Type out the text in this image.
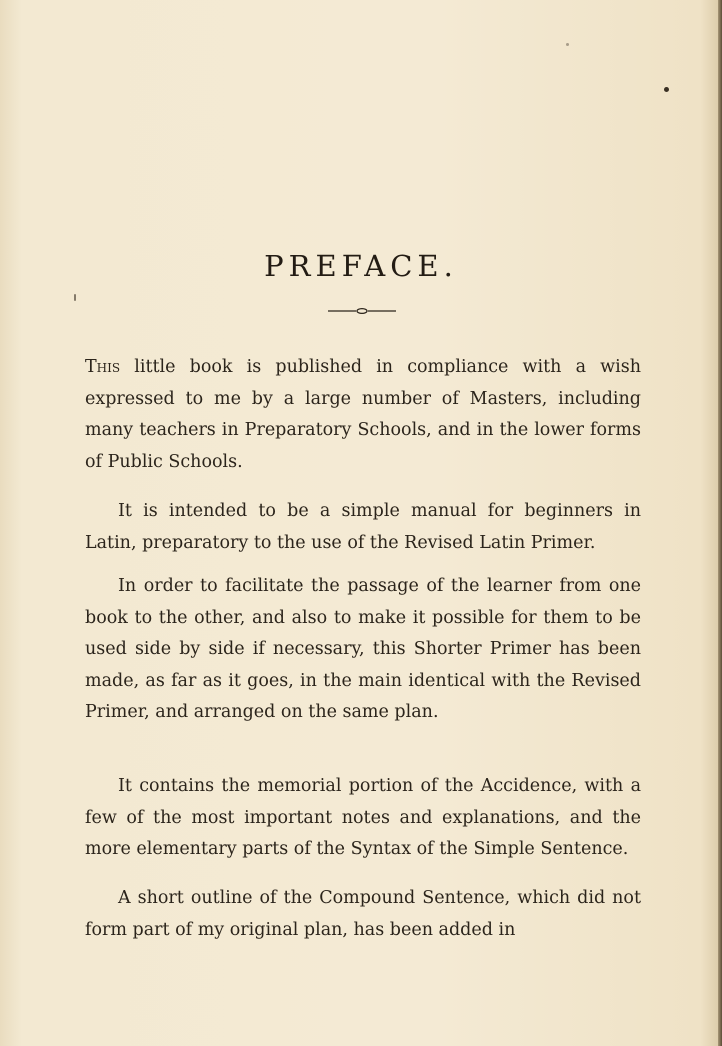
PREFACE.

This little book is published in compliance with a wish expressed to me by a large number of Masters, including many teachers in Preparatory Schools, and in the lower forms of Public Schools.

It is intended to be a simple manual for beginners in Latin, preparatory to the use of the Revised Latin Primer.

In order to facilitate the passage of the learner from one book to the other, and also to make it possible for them to be used side by side if necessary, this Shorter Primer has been made, as far as it goes, in the main identical with the Revised Primer, and arranged on the same plan.

It contains the memorial portion of the Accidence, with a few of the most important notes and explanations, and the more elementary parts of the Syntax of the Simple Sentence.

A short outline of the Compound Sentence, which did not form part of my original plan, has been added in
